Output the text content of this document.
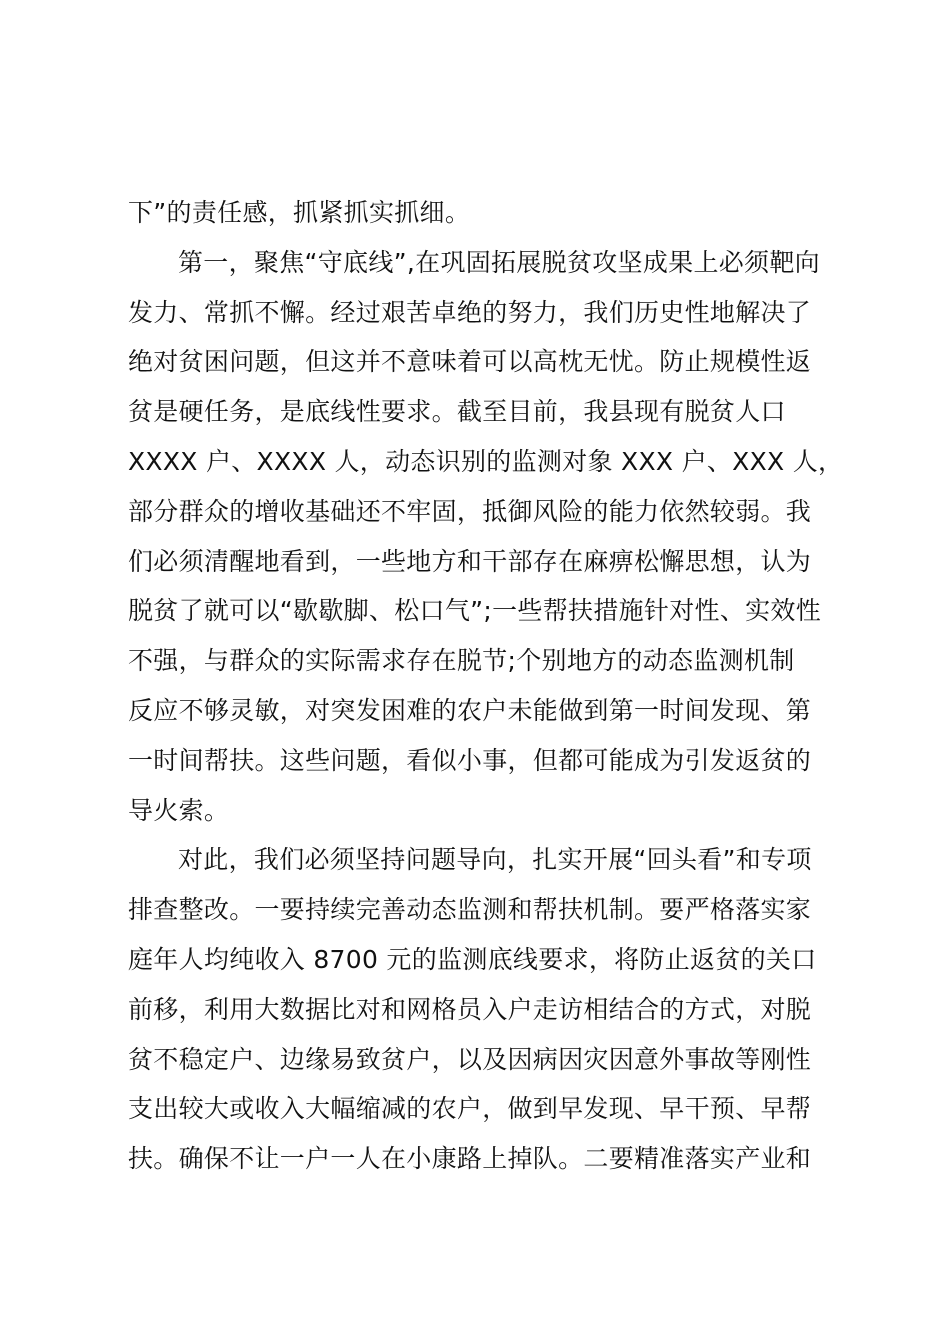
下”的责任感，抓紧抓实抓细。
第一，聚焦“守底线”,在巩固拓展脱贫攻坚成果上必须靶向
发力、常抓不懈。经过艰苦卓绝的努力，我们历史性地解决了
绝对贫困问题，但这并不意味着可以高枕无忧。防止规模性返
贫是硬任务，是底线性要求。截至目前，我县现有脱贫人口
XXXX 户、XXXX 人，动态识别的监测对象 XXX 户、XXX 人，
部分群众的增收基础还不牢固，抵御风险的能力依然较弱。我
们必须清醒地看到，一些地方和干部存在麻痹松懈思想，认为
脱贫了就可以“歇歇脚、松口气”;一些帮扶措施针对性、实效性
不强，与群众的实际需求存在脱节;个别地方的动态监测机制
反应不够灵敏，对突发困难的农户未能做到第一时间发现、第
一时间帮扶。这些问题，看似小事，但都可能成为引发返贫的
导火索。
对此，我们必须坚持问题导向，扎实开展“回头看”和专项
排查整改。一要持续完善动态监测和帮扶机制。要严格落实家
庭年人均纯收入 8700 元的监测底线要求，将防止返贫的关口
前移，利用大数据比对和网格员入户走访相结合的方式，对脱
贫不稳定户、边缘易致贫户，以及因病因灾因意外事故等刚性
支出较大或收入大幅缩减的农户，做到早发现、早干预、早帮
扶。确保不让一户一人在小康路上掉队。二要精准落实产业和
